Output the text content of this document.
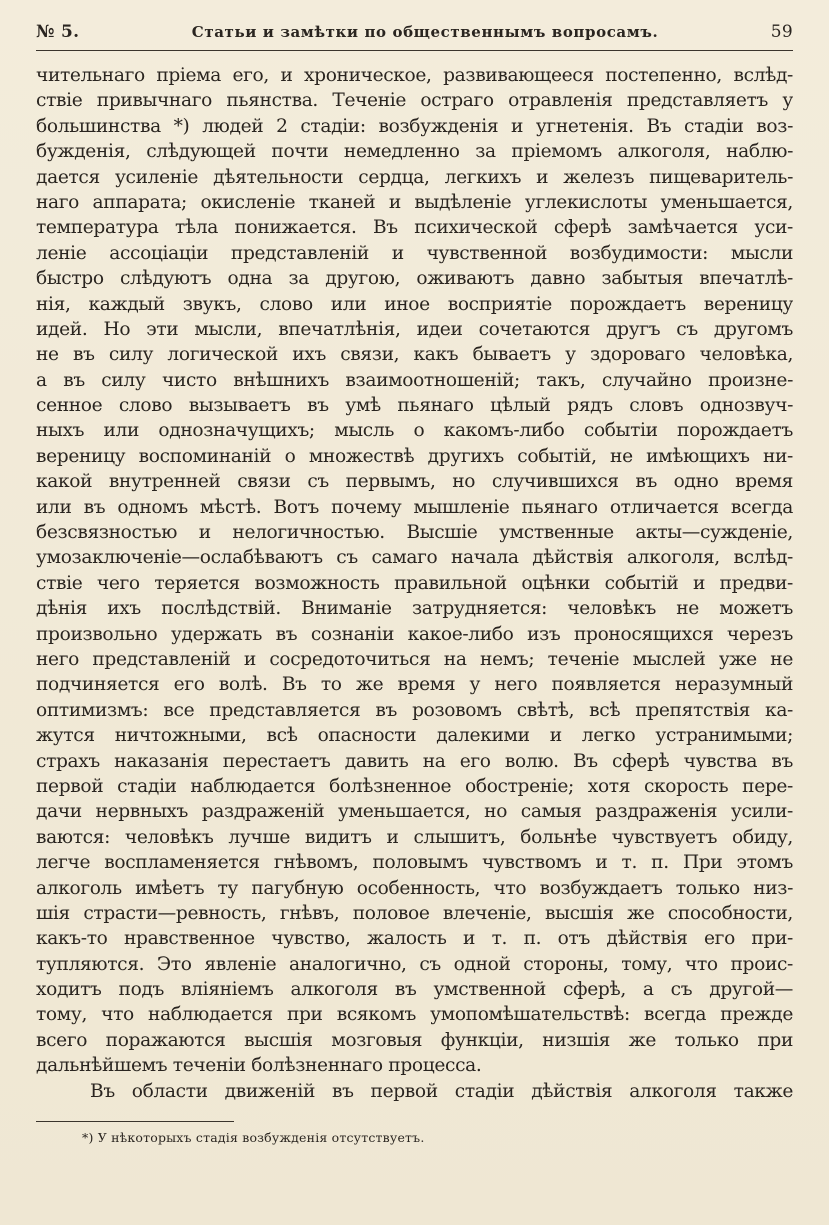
№ 5.	Статьи и замѣтки по общественнымъ вопросамъ.	59
чительнаго пріема его, и хроническое, развивающееся постепенно, вслѣд-
ствіе привычнаго пьянства. Теченіе остраго отравленія представляетъ у
большинства *) людей 2 стадіи: возбужденія и угнетенія. Въ стадіи воз-
бужденія, слѣдующей почти немедленно за пріемомъ алкоголя, наблю-
дается усиленіе дѣятельности сердца, легкихъ и железъ пищеваритель-
наго аппарата; окисленіе тканей и выдѣленіе углекислоты уменьшается,
температура тѣла понижается. Въ психической сферѣ замѣчается уси-
леніе ассоціаціи представленій и чувственной возбудимости: мысли
быстро слѣдуютъ одна за другою, оживаютъ давно забытыя впечатлѣ-
нія, каждый звукъ, слово или иное восприятіе порождаетъ вереницу
идей. Но эти мысли, впечатлѣнія, идеи сочетаются другъ съ другомъ
не въ силу логической ихъ связи, какъ бываетъ у здороваго человѣка,
а въ силу чисто внѣшнихъ взаимоотношеній; такъ, случайно произне-
сенное слово вызываетъ въ умѣ пьянаго цѣлый рядъ словъ однозвуч-
ныхъ или однозначущихъ; мысль о какомъ-либо событіи порождаетъ
вереницу воспоминаній о множествѣ другихъ событій, не имѣющихъ ни-
какой внутренней связи съ первымъ, но случившихся въ одно время
или въ одномъ мѣстѣ. Вотъ почему мышленіе пьянаго отличается всегда
безсвязностью и нелогичностью. Высшіе умственные акты—сужденіе,
умозаключеніе—ослабѣваютъ съ самаго начала дѣйствія алкоголя, вслѣд-
ствіе чего теряется возможность правильной оцѣнки событій и предви-
дѣнія ихъ послѣдствій. Вниманіе затрудняется: человѣкъ не можетъ
произвольно удержать въ сознаніи какое-либо изъ проносящихся черезъ
него представленій и сосредоточиться на немъ; теченіе мыслей уже не
подчиняется его волѣ. Въ то же время у него появляется неразумный
оптимизмъ: все представляется въ розовомъ свѣтѣ, всѣ препятствія ка-
жутся ничтожными, всѣ опасности далекими и легко устранимыми;
страхъ наказанія перестаетъ давить на его волю. Въ сферѣ чувства въ
первой стадіи наблюдается болѣзненное обостреніе; хотя скорость пере-
дачи нервныхъ раздраженій уменьшается, но самыя раздраженія усили-
ваются: человѣкъ лучше видитъ и слышитъ, больнѣе чувствуетъ обиду,
легче воспламеняется гнѣвомъ, половымъ чувствомъ и т. п. При этомъ
алкоголь имѣетъ ту пагубную особенность, что возбуждаетъ только низ-
шія страсти—ревность, гнѣвъ, половое влеченіе, высшія же способности,
какъ-то нравственное чувство, жалость и т. п. отъ дѣйствія его при-
тупляются. Это явленіе аналогично, съ одной стороны, тому, что проис-
ходитъ подъ вліяніемъ алкоголя въ умственной сферѣ, а съ другой—
тому, что наблюдается при всякомъ умопомѣшательствѣ: всегда прежде
всего поражаются высшія мозговыя функціи, низшія же только при
дальнѣйшемъ теченіи болѣзненнаго процесса.
Въ области движеній въ первой стадіи дѣйствія алкоголя также
*) У нѣкоторыхъ стадія возбужденія отсутствуетъ.
